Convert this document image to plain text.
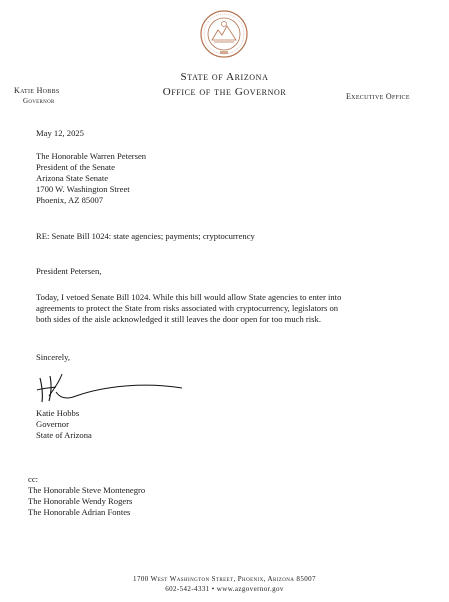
Katie Hobbs
Governor
State of Arizona
Office of the Governor	Executive Office
May 12, 2025
The Honorable Warren Petersen
President of the Senate
Arizona State Senate
1700 W. Washington Street
Phoenix, AZ 85007
RE: Senate Bill 1024: state agencies; payments; cryptocurrency
President Petersen,
Today, I vetoed Senate Bill 1024. While this bill would allow State agencies to enter into
agreements to protect the State from risks associated with cryptocurrency, legislators on
both sides of the aisle acknowledged it still leaves the door open for too much risk.
Sincerely,
Katie Hobbs
Governor
State of Arizona
cc:
The Honorable Steve Montenegro
The Honorable Wendy Rogers
The Honorable Adrian Fontes
1700 West Washington Street, Phoenix, Arizona 85007
602-542-4331 • www.azgovernor.gov
